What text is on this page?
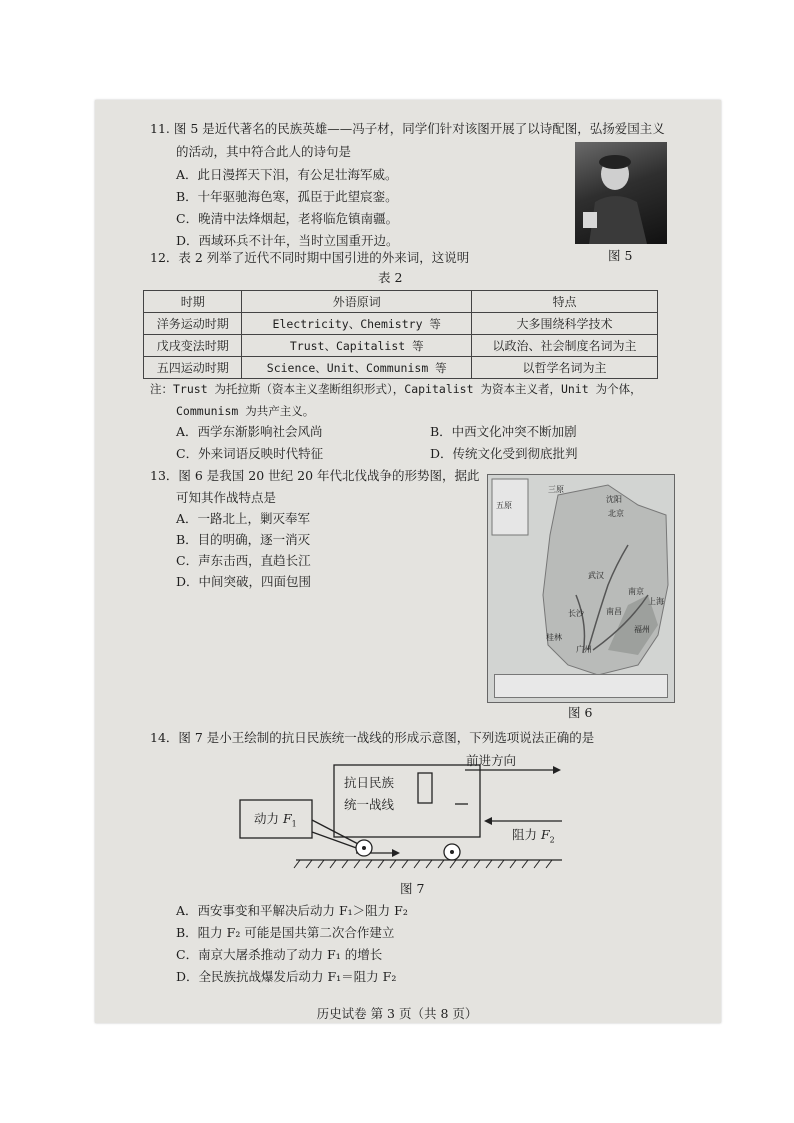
11. 图 5 是近代著名的民族英雄——冯子材，同学们针对该图开展了以诗配图，弘扬爱国主义
的活动，其中符合此人的诗句是
A．此日漫挥天下泪，有公足壮海军威。
B．十年驱驰海色寒，孤臣于此望宸銮。
C．晚清中法烽烟起，老将临危镇南疆。
D．西域环兵不计年，当时立国重开边。
图 5
12．表 2 列举了近代不同时期中国引进的外来词，这说明
表 2
时期	外语原词	特点
洋务运动时期	Electricity、Chemistry 等	大多围绕科学技术
戊戌变法时期	Trust、Capitalist 等	以政治、社会制度名词为主
五四运动时期	Science、Unit、Communism 等	以哲学名词为主
注：Trust 为托拉斯（资本主义垄断组织形式），Capitalist 为资本主义者，Unit 为个体，
Communism 为共产主义。
A．西学东渐影响社会风尚	B．中西文化冲突不断加剧
C．外来词语反映时代特征	D．传统文化受到彻底批判
13．图 6 是我国 20 世纪 20 年代北伐战争的形势图，据此
可知其作战特点是
A．一路北上，剿灭奉军
B．目的明确，逐一消灭
C．声东击西，直趋长江
D．中间突破，四面包围
沈阳
北京
南京
上海
长沙	南昌
广州
桂林
三原
五原
武汉
福州
图 6
14．图 7 是小王绘制的抗日民族统一战线的形成示意图，下列选项说法正确的是
前进方向
抗日民族
统一战线
动力 $F_1$
阻力 $F_2$
图 7
A．西安事变和平解决后动力 F₁＞阻力 F₂
B．阻力 F₂ 可能是国共第二次合作建立
C．南京大屠杀推动了动力 F₁ 的增长
D．全民族抗战爆发后动力 F₁＝阻力 F₂
历史试卷 第 3 页（共 8 页）
